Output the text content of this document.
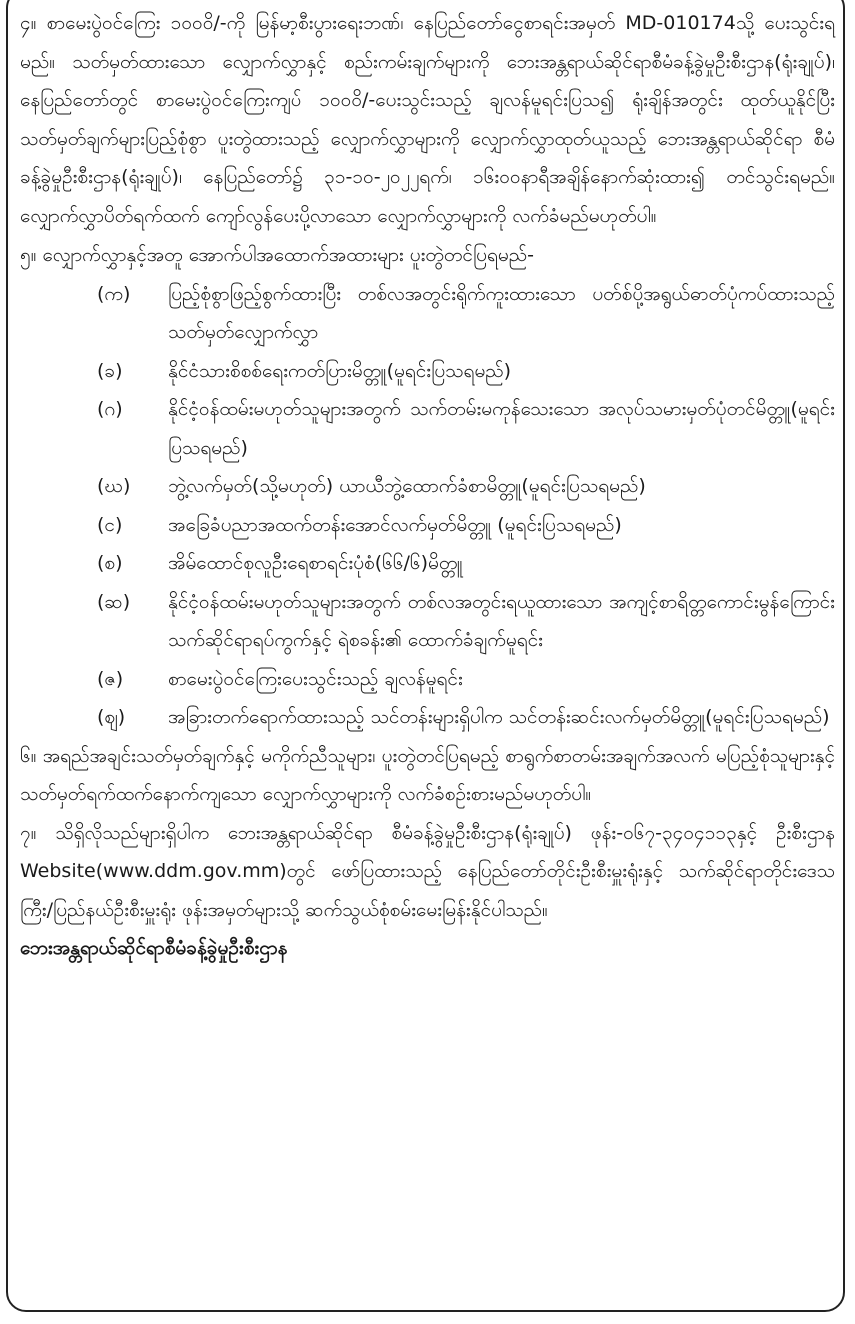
၄။ စာမေးပွဲဝင်ကြေး ၁၀၀၀ိ/-ကို မြန်မာ့စီးပွားရေးဘဏ်၊ နေပြည်တော်ငွေစာရင်းအမှတ် MD-010174သို့ ပေးသွင်းရမည်။ သတ်မှတ်ထားသော လျှောက်လွှာနှင့် စည်းကမ်းချက်များကို ဘေးအန္တရာယ်ဆိုင်ရာစီမံခန့်ခွဲမှုဦးစီးဌာန(ရုံးချုပ်)၊ နေပြည်တော်တွင် စာမေးပွဲဝင်ကြေးကျပ် ၁၀၀၀ိ/-ပေးသွင်းသည့် ချလန်မူရင်းပြသ၍ ရုံးချိန်အတွင်း ထုတ်ယူနိုင်ပြီး သတ်မှတ်ချက်များပြည့်စုံစွာ ပူးတွဲထားသည့် လျှောက်လွှာများကို လျှောက်လွှာထုတ်ယူသည့် ဘေးအန္တရာယ်ဆိုင်ရာ စီမံခန့်ခွဲမှုဦးစီးဌာန(ရုံးချုပ်)၊ နေပြည်တော်၌ ၃၁-၁၀-၂၀၂၂ရက်၊ ၁၆း၀၀နာရီအချိန်နောက်ဆုံးထား၍ တင်သွင်းရမည်။ လျှောက်လွှာပိတ်ရက်ထက် ကျော်လွန်ပေးပို့လာသော လျှောက်လွှာများကို လက်ခံမည်မဟုတ်ပါ။

၅။ လျှောက်လွှာနှင့်အတူ အောက်ပါအထောက်အထားများ ပူးတွဲတင်ပြရမည်-

(က)	ပြည့်စုံစွာဖြည့်စွက်ထားပြီး တစ်လအတွင်းရိုက်ကူးထားသော ပတ်စ်ပို့အရွယ်ဓာတ်ပုံကပ်ထားသည့် သတ်မှတ်လျှောက်လွှာ
(ခ)	နိုင်ငံသားစိစစ်ရေးကတ်ပြားမိတ္တူ(မူရင်းပြသရမည်)
(ဂ)	နိုင်ငံ့ဝန်ထမ်းမဟုတ်သူများအတွက် သက်တမ်းမကုန်သေးသော အလုပ်သမားမှတ်ပုံတင်မိတ္တူ(မူရင်းပြသရမည်)
(ဃ)	ဘွဲ့လက်မှတ်(သို့မဟုတ်) ယာယီဘွဲ့ထောက်ခံစာမိတ္တူ(မူရင်းပြသရမည်)
(င)	အခြေခံပညာအထက်တန်းအောင်လက်မှတ်မိတ္တူ (မူရင်းပြသရမည်)
(စ)	အိမ်ထောင်စုလူဦးရေစာရင်းပုံစံ(၆၆/၆)မိတ္တူ
(ဆ)	နိုင်ငံ့ဝန်ထမ်းမဟုတ်သူများအတွက် တစ်လအတွင်းရယူထားသော အကျင့်စာရိတ္တကောင်းမွန်ကြောင်း သက်ဆိုင်ရာရပ်ကွက်နှင့် ရဲစခန်း၏ ထောက်ခံချက်မူရင်း
(ဇ)	စာမေးပွဲဝင်ကြေးပေးသွင်းသည့် ချလန်မူရင်း
(ဈ)	အခြားတက်ရောက်ထားသည့် သင်တန်းများရှိပါက သင်တန်းဆင်းလက်မှတ်မိတ္တူ(မူရင်းပြသရမည်)

၆။ အရည်အချင်းသတ်မှတ်ချက်နှင့် မကိုက်ညီသူများ၊ ပူးတွဲတင်ပြရမည့် စာရွက်စာတမ်းအချက်အလက် မပြည့်စုံသူများနှင့် သတ်မှတ်ရက်ထက်နောက်ကျသော လျှောက်လွှာများကို လက်ခံစဉ်းစားမည်မဟုတ်ပါ။

၇။ သိရှိလိုသည်များရှိပါက ဘေးအန္တရာယ်ဆိုင်ရာ စီမံခန့်ခွဲမှုဦးစီးဌာန(ရုံးချုပ်) ဖုန်း-၀၆၇-၃၄၀၄၁၁၃နှင့် ဦးစီးဌာန Website(www.ddm.gov.mm)တွင် ဖော်ပြထားသည့် နေပြည်တော်တိုင်းဦးစီးမှူးရုံးနှင့် သက်ဆိုင်ရာတိုင်းဒေသကြီး/ပြည်နယ်ဦးစီးမှူးရုံး ဖုန်းအမှတ်များသို့ ဆက်သွယ်စုံစမ်းမေးမြန်းနိုင်ပါသည်။

ဘေးအန္တရာယ်ဆိုင်ရာစီမံခန့်ခွဲမှုဦးစီးဌာန
